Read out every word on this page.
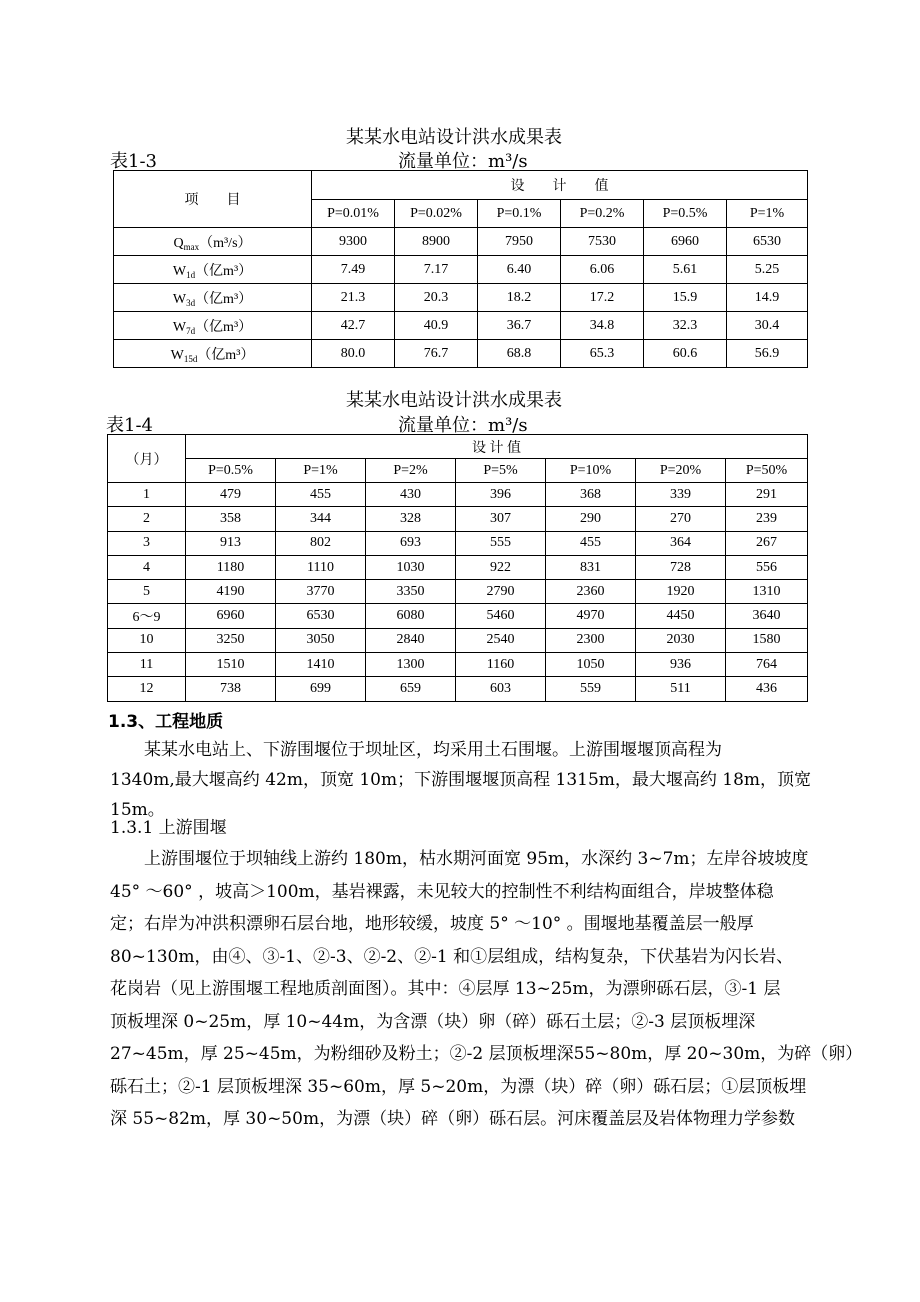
某某水电站设计洪水成果表
表1-3	流量单位：m³/s
项　　目	设　　计　　值					
	P=0.01%	P=0.02%	P=0.1%	P=0.2%	P=0.5%	P=1%
$Q_{max}(m^3/s)$	9300	8900	7950	7530	6960	6530
$W_{1d}$（亿m³）	7.49	7.17	6.40	6.06	5.61	5.25
$W_{3d}$（亿m³）	21.3	20.3	18.2	17.2	15.9	14.9
$W_{7d}$（亿m³）	42.7	40.9	36.7	34.8	32.3	30.4
$W_{15d}$（亿m³）	80.0	76.7	68.8	65.3	60.6	56.9
某某水电站设计洪水成果表
表1-4	流量单位：m³/s
（月）	设 计 值						
	P=0.5%	P=1%	P=2%	P=5%	P=10%	P=20%	P=50%
1	479	455	430	396	368	339	291
2	358	344	328	307	290	270	239
3	913	802	693	555	455	364	267
4	1180	1110	1030	922	831	728	556
5	4190	3770	3350	2790	2360	1920	1310
6～9	6960	6530	6080	5460	4970	4450	3640
10	3250	3050	2840	2540	2300	2030	1580
11	1510	1410	1300	1160	1050	936	764
12	738	699	659	603	559	511	436
1.3、工程地质
　　某某水电站上、下游围堰位于坝址区，均采用土石围堰。上游围堰堰顶高程为
1340m,最大堰高约 42m，顶宽 10m；下游围堰堰顶高程 1315m，最大堰高约 18m，顶宽
15m。
1.3.1 上游围堰
　　上游围堰位于坝轴线上游约 180m，枯水期河面宽 95m，水深约 3~7m；左岸谷坡坡度
45° ～60° ，坡高＞100m，基岩裸露，未见较大的控制性不利结构面组合，岸坡整体稳
定；右岸为冲洪积漂卵石层台地，地形较缓，坡度 5° ～10° 。围堰地基覆盖层一般厚
80~130m，由④、③-1、②-3、②-2、②-1 和①层组成，结构复杂，下伏基岩为闪长岩、
花岗岩（见上游围堰工程地质剖面图）。其中：④层厚 13~25m，为漂卵砾石层，③-1 层
顶板埋深 0~25m，厚 10~44m，为含漂（块）卵（碎）砾石土层；②-3 层顶板埋深
27~45m，厚 25~45m，为粉细砂及粉土；②-2 层顶板埋深55~80m，厚 20~30m，为碎（卵）
砾石土；②-1 层顶板埋深 35~60m，厚 5~20m，为漂（块）碎（卵）砾石层；①层顶板埋
深 55~82m，厚 30~50m，为漂（块）碎（卵）砾石层。河床覆盖层及岩体物理力学参数
